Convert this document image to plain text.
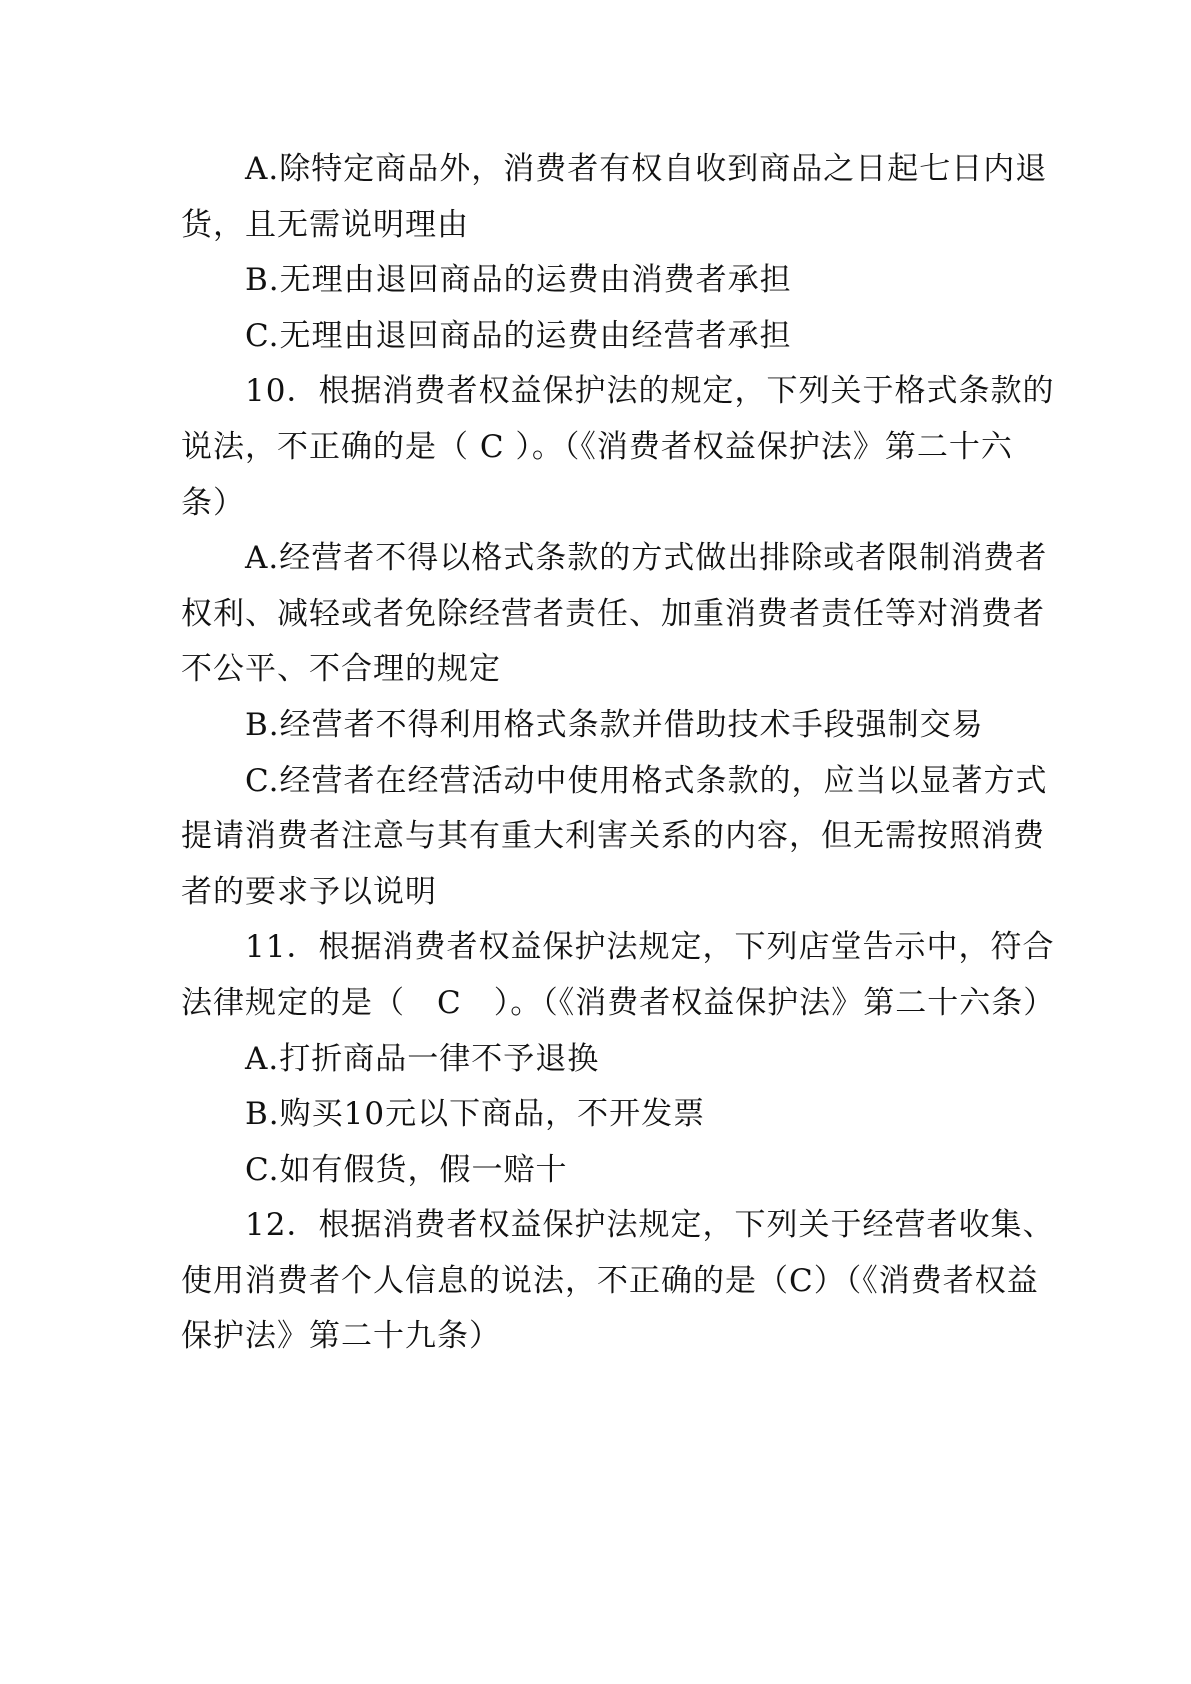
A.除特定商品外，消费者有权自收到商品之日起七日内退货，且无需说明理由

B.无理由退回商品的运费由消费者承担

C.无理由退回商品的运费由经营者承担

10．根据消费者权益保护法的规定，下列关于格式条款的说法，不正确的是（ C ）。（《消费者权益保护法》第二十六条）

A.经营者不得以格式条款的方式做出排除或者限制消费者权利、减轻或者免除经营者责任、加重消费者责任等对消费者不公平、不合理的规定

B.经营者不得利用格式条款并借助技术手段强制交易

C.经营者在经营活动中使用格式条款的，应当以显著方式提请消费者注意与其有重大利害关系的内容，但无需按照消费者的要求予以说明

11．根据消费者权益保护法规定，下列店堂告示中，符合法律规定的是（　C　）。（《消费者权益保护法》第二十六条）

A.打折商品一律不予退换

B.购买10元以下商品，不开发票

C.如有假货，假一赔十

12．根据消费者权益保护法规定，下列关于经营者收集、使用消费者个人信息的说法，不正确的是（C）（《消费者权益保护法》第二十九条）
